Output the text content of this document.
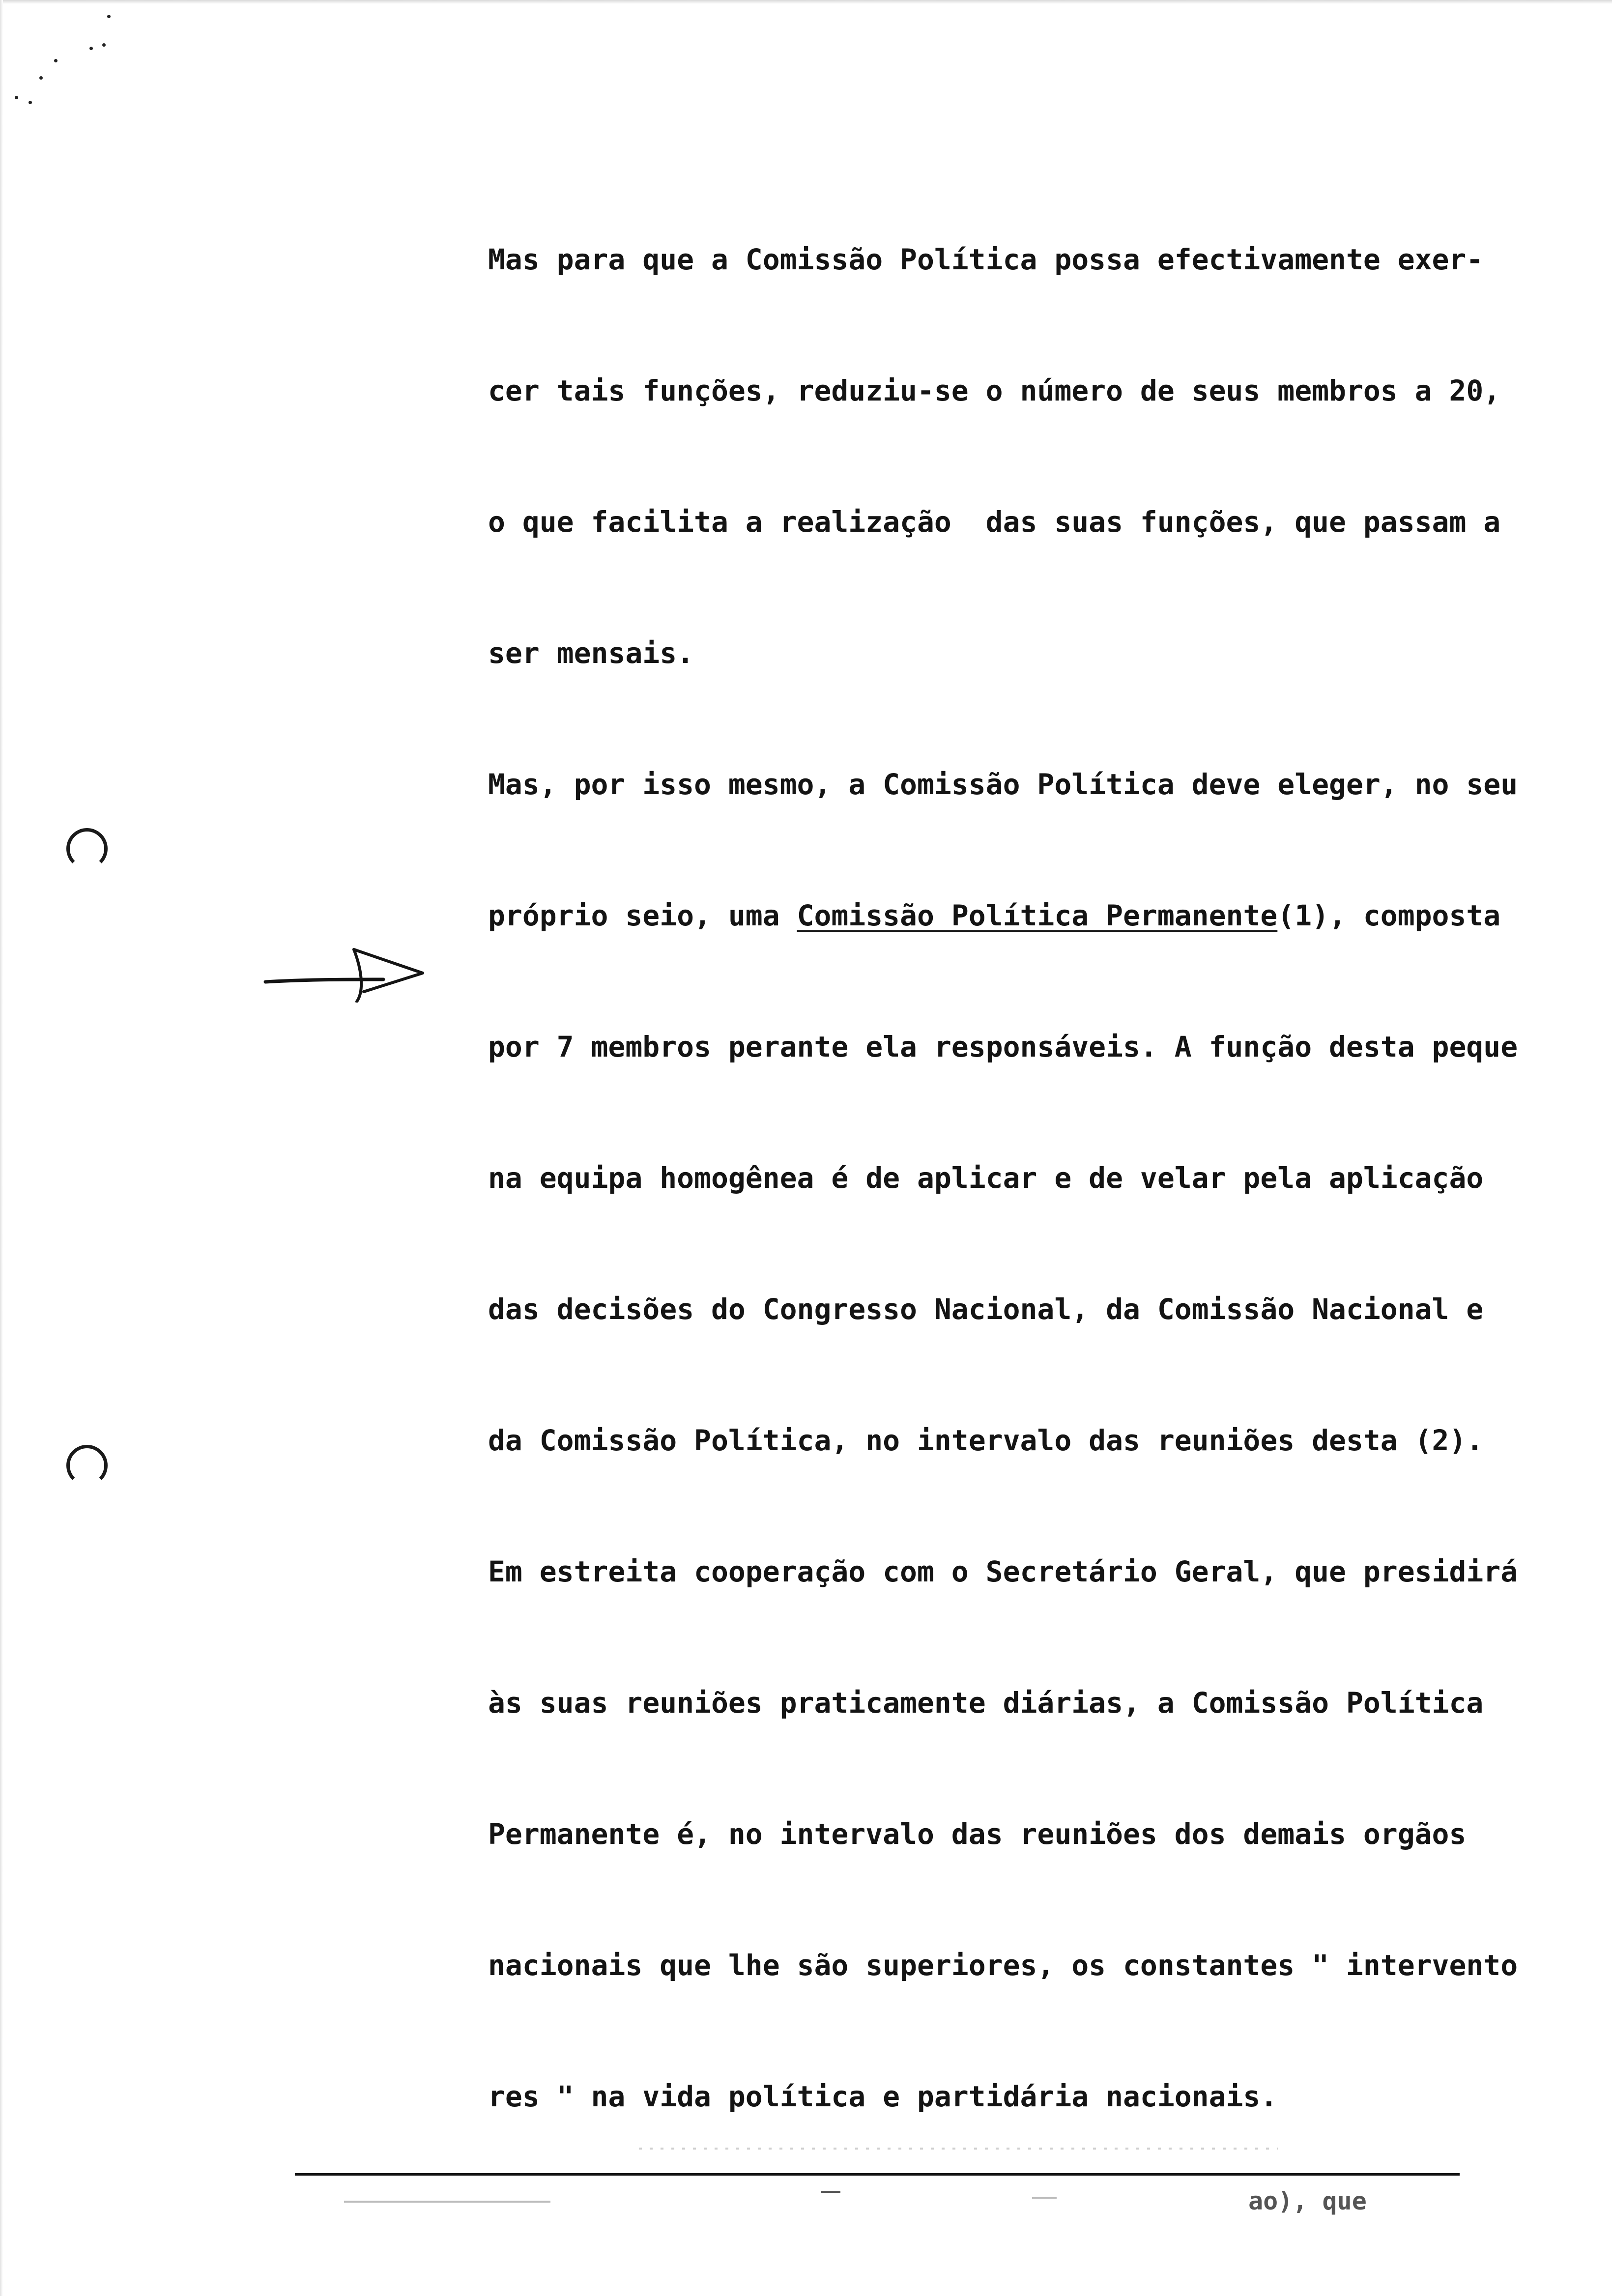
Mas para que a Comissão Política possa efectivamente exer-
cer tais funções, reduziu-se o número de seus membros a 20,
o que facilita a realização  das suas funções, que passam a
ser mensais.
Mas, por isso mesmo, a Comissão Política deve eleger, no seu
próprio seio, uma Comissão Política Permanente(1), composta
por 7 membros perante ela responsáveis. A função desta peque
na equipa homogênea é de aplicar e de velar pela aplicação
das decisões do Congresso Nacional, da Comissão Nacional e
da Comissão Política, no intervalo das reuniões desta (2).
Em estreita cooperação com o Secretário Geral, que presidirá
às suas reuniões praticamente diárias, a Comissão Política
Permanente é, no intervalo das reuniões dos demais orgãos
nacionais que lhe são superiores, os constantes " intervento
res " na vida política e partidária nacionais.
ao), que
